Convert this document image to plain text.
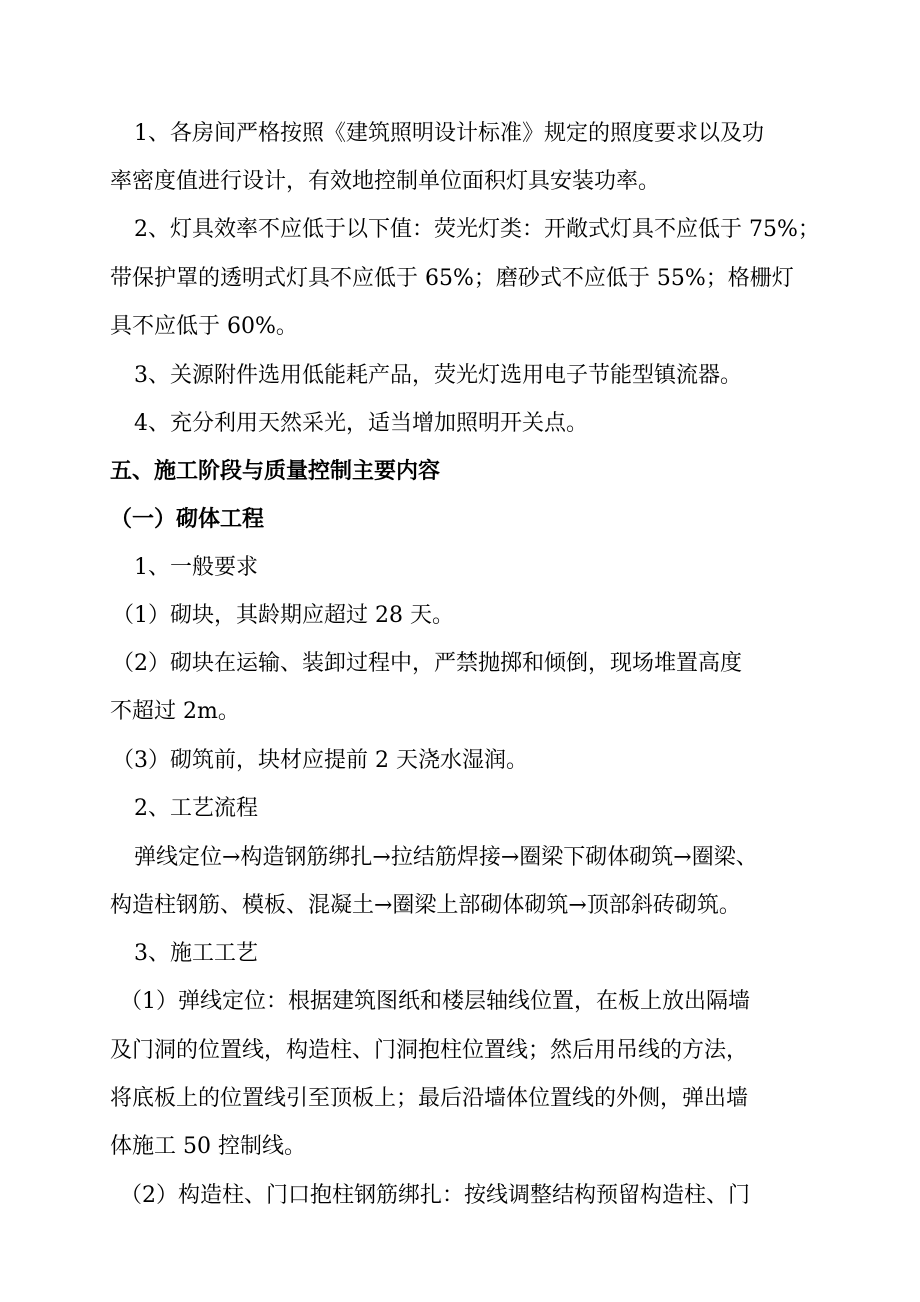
1、各房间严格按照《建筑照明设计标准》规定的照度要求以及功
率密度值进行设计，有效地控制单位面积灯具安装功率。
2、灯具效率不应低于以下值：荧光灯类：开敞式灯具不应低于 75%；
带保护罩的透明式灯具不应低于 65%；磨砂式不应低于 55%；格栅灯
具不应低于 60%。
3、关源附件选用低能耗产品，荧光灯选用电子节能型镇流器。
4、充分利用天然采光，适当增加照明开关点。
五、施工阶段与质量控制主要内容
（一）砌体工程
1、一般要求
（1）砌块，其龄期应超过 28 天。
（2）砌块在运输、装卸过程中，严禁抛掷和倾倒，现场堆置高度
不超过 2m。
（3）砌筑前，块材应提前 2 天浇水湿润。
2、工艺流程
弹线定位→构造钢筋绑扎→拉结筋焊接→圈梁下砌体砌筑→圈梁、
构造柱钢筋、模板、混凝土→圈梁上部砌体砌筑→顶部斜砖砌筑。
3、施工工艺
（1）弹线定位：根据建筑图纸和楼层轴线位置，在板上放出隔墙
及门洞的位置线，构造柱、门洞抱柱位置线；然后用吊线的方法，
将底板上的位置线引至顶板上；最后沿墙体位置线的外侧，弹出墙
体施工 50 控制线。
（2）构造柱、门口抱柱钢筋绑扎：按线调整结构预留构造柱、门
